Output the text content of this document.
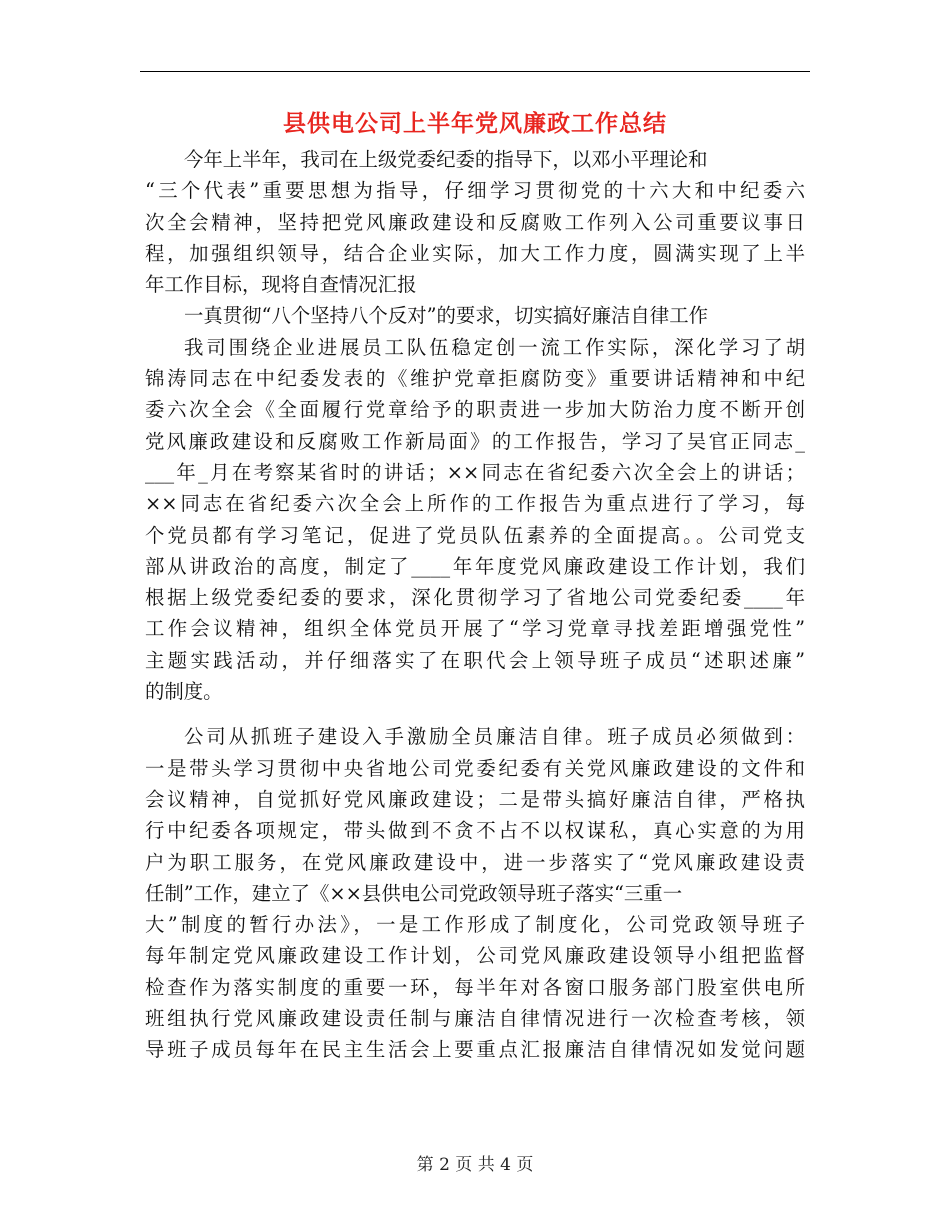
县供电公司上半年党风廉政工作总结
今年上半年，我司在上级党委纪委的指导下，以邓小平理论和
“三个代表”重要思想为指导，仔细学习贯彻党的十六大和中纪委六
次全会精神，坚持把党风廉政建设和反腐败工作列入公司重要议事日
程，加强组织领导，结合企业实际，加大工作力度，圆满实现了上半
年工作目标，现将自查情况汇报
一真贯彻“八个坚持八个反对”的要求，切实搞好廉洁自律工作
我司围绕企业进展员工队伍稳定创一流工作实际，深化学习了胡
锦涛同志在中纪委发表的《维护党章拒腐防变》重要讲话精神和中纪
委六次全会《全面履行党章给予的职责进一步加大防治力度不断开创
党风廉政建设和反腐败工作新局面》的工作报告，学习了吴官正同志_
___年_月在考察某省时的讲话；××同志在省纪委六次全会上的讲话；
××同志在省纪委六次全会上所作的工作报告为重点进行了学习，每
个党员都有学习笔记，促进了党员队伍素养的全面提高。。公司党支
部从讲政治的高度，制定了____年年度党风廉政建设工作计划，我们
根据上级党委纪委的要求，深化贯彻学习了省地公司党委纪委____年
工作会议精神，组织全体党员开展了“学习党章寻找差距增强党性”
主题实践活动，并仔细落实了在职代会上领导班子成员“述职述廉”
的制度。
公司从抓班子建设入手激励全员廉洁自律。班子成员必须做到：
一是带头学习贯彻中央省地公司党委纪委有关党风廉政建设的文件和
会议精神，自觉抓好党风廉政建设；二是带头搞好廉洁自律，严格执
行中纪委各项规定，带头做到不贪不占不以权谋私，真心实意的为用
户为职工服务，在党风廉政建设中，进一步落实了“党风廉政建设责
任制”工作，建立了《××县供电公司党政领导班子落实“三重一
大”制度的暂行办法》，一是工作形成了制度化，公司党政领导班子
每年制定党风廉政建设工作计划，公司党风廉政建设领导小组把监督
检查作为落实制度的重要一环，每半年对各窗口服务部门股室供电所
班组执行党风廉政建设责任制与廉洁自律情况进行一次检查考核，领
导班子成员每年在民主生活会上要重点汇报廉洁自律情况如发觉问题
第 2 页 共 4 页
